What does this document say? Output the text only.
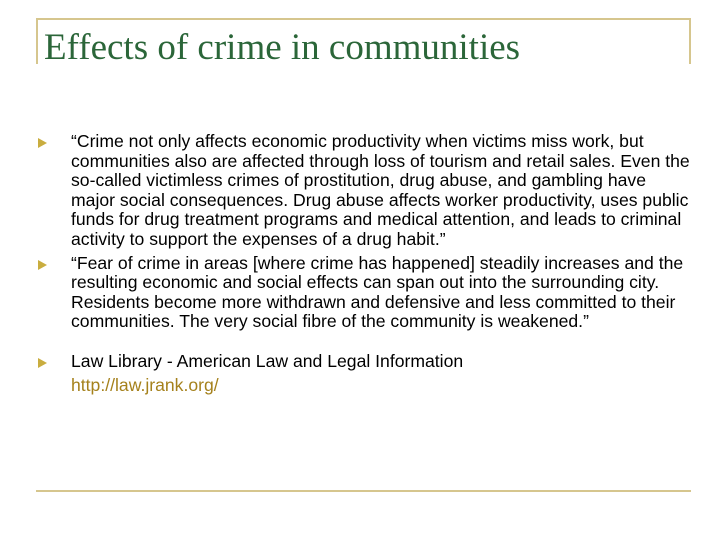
Effects of crime in communities
“Crime not only affects economic productivity when victims miss work, but communities also are affected through loss of tourism and retail sales. Even the so-called victimless crimes of prostitution, drug abuse, and gambling have major social consequences. Drug abuse affects worker productivity, uses public funds for drug treatment programs and medical attention, and leads to criminal activity to support the expenses of a drug habit.”
“Fear of crime in areas [where crime has happened] steadily increases and the resulting economic and social effects can span out into the surrounding city. Residents become more withdrawn and defensive and less committed to their communities. The very social fibre of the community is weakened.”
Law Library - American Law and Legal Information
http://law.jrank.org/
